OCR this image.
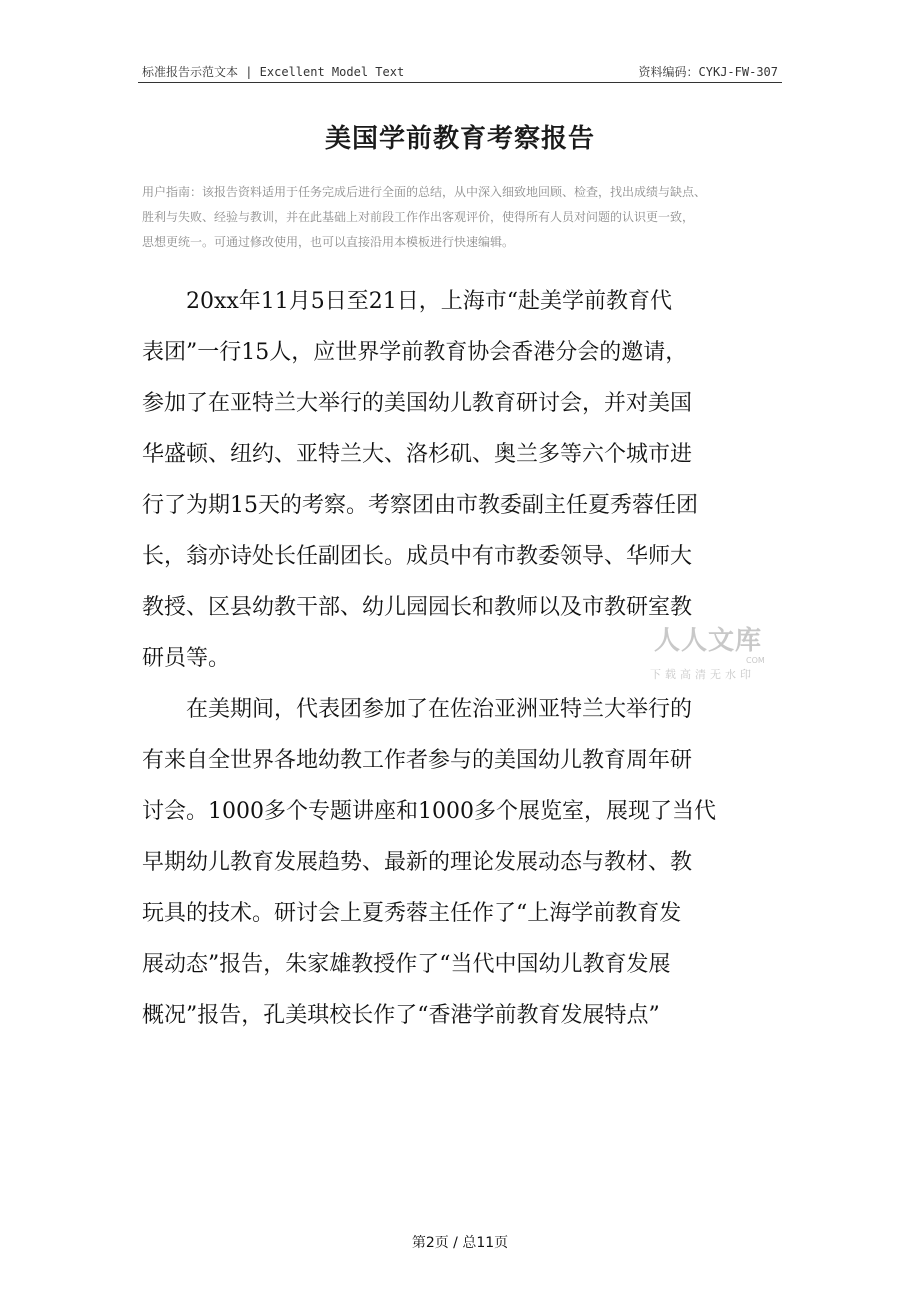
标准报告示范文本 | Excellent Model Text	资料编码：CYKJ-FW-307
美国学前教育考察报告

用户指南：该报告资料适用于任务完成后进行全面的总结，从中深入细致地回顾、检查，找出成绩与缺点、

胜利与失败、经验与教训，并在此基础上对前段工作作出客观评价，使得所有人员对问题的认识更一致，

思想更统一。可通过修改使用，也可以直接沿用本模板进行快速编辑。

　　20xx年11月5日至21日，上海市“赴美学前教育代

表团”一行15人，应世界学前教育协会香港分会的邀请，

参加了在亚特兰大举行的美国幼儿教育研讨会，并对美国

华盛顿、纽约、亚特兰大、洛杉矶、奥兰多等六个城市进

行了为期15天的考察。考察团由市教委副主任夏秀蓉任团

长，翁亦诗处长任副团长。成员中有市教委领导、华师大

教授、区县幼教干部、幼儿园园长和教师以及市教研室教

研员等。

　　在美期间，代表团参加了在佐治亚洲亚特兰大举行的

有来自全世界各地幼教工作者参与的美国幼儿教育周年研

讨会。1000多个专题讲座和1000多个展览室，展现了当代

早期幼儿教育发展趋势、最新的理论发展动态与教材、教

玩具的技术。研讨会上夏秀蓉主任作了“上海学前教育发

展动态”报告，朱家雄教授作了“当代中国幼儿教育发展

概况”报告，孔美琪校长作了“香港学前教育发展特点”

人人文库
COM
下载高清无水印
第2页 / 总11页
